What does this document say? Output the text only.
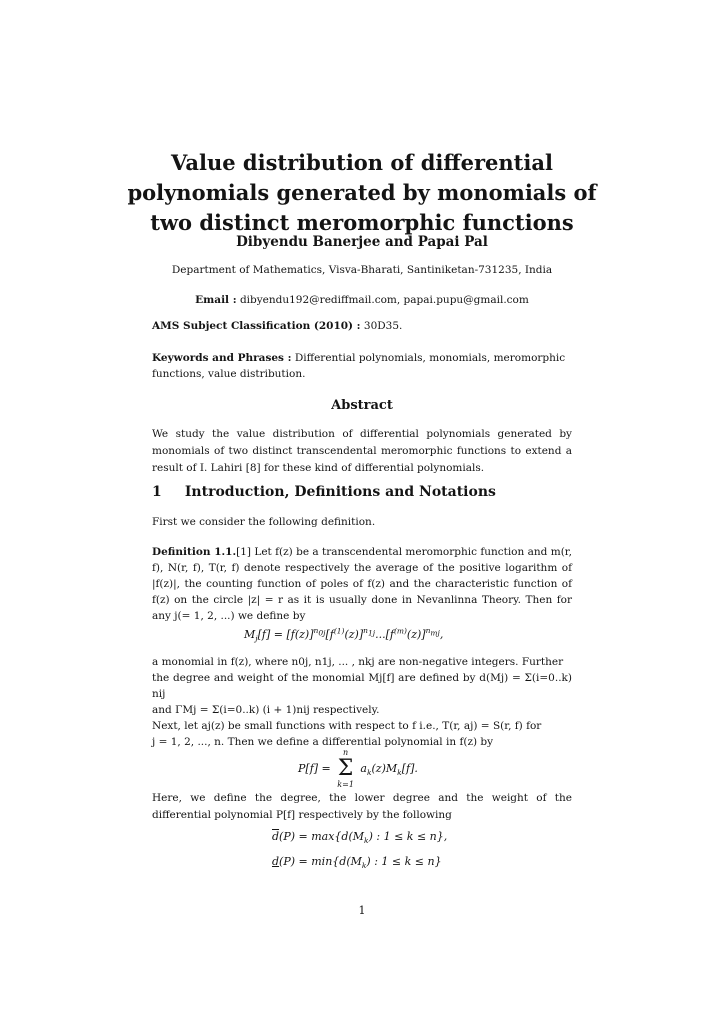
Value distribution of differential
polynomials generated by monomials of
two distinct meromorphic functions
Dibyendu Banerjee and Papai Pal
Department of Mathematics, Visva-Bharati, Santiniketan-731235, India
Email : dibyendu192@rediffmail.com, papai.pupu@gmail.com
AMS Subject Classification (2010) : 30D35.
Keywords and Phrases : Differential polynomials, monomials, meromorphic functions, value distribution.
Abstract
We study the value distribution of differential polynomials generated by monomials of two distinct transcendental meromorphic functions to extend a result of I. Lahiri [8] for these kind of differential polynomials.
1 Introduction, Definitions and Notations
First we consider the following definition.
Definition 1.1.[1] Let f(z) be a transcendental meromorphic function and m(r, f), N(r, f), T(r, f) denote respectively the average of the positive logarithm of |f(z)|, the counting function of poles of f(z) and the characteristic function of f(z) on the circle |z| = r as it is usually done in Nevanlinna Theory. Then for any j(= 1, 2, ...) we define by
$M_j[f] = [f(z)]^{n_{0j}}[f^{(1)}(z)]^{n_{1j}}...[f^{(m)}(z)]^{n_{mj}}$,
a monomial in f(z), where n0j, n1j, ... , nkj are non-negative integers. Further
the degree and weight of the monomial Mj[f] are defined by d(Mj) = Σ(i=0..k) nij
and ΓMj = Σ(i=0..k) (i + 1)nij respectively.
Next, let aj(z) be small functions with respect to f i.e., T(r, aj) = S(r, f) for
j = 1, 2, ..., n. Then we define a differential polynomial in f(z) by
P[f] =
n
Σ
k=1
$a_k(z)M_k[f]$.
Here, we define the degree, the lower degree and the weight of the differential polynomial P[f] respectively by the following
$\overline{d}(P) = \max\{d(M_k)$ : 1 ≤ k ≤ n},
$d(P) = \min\{d(M_k)$ : 1 ≤ k ≤ n}
1
